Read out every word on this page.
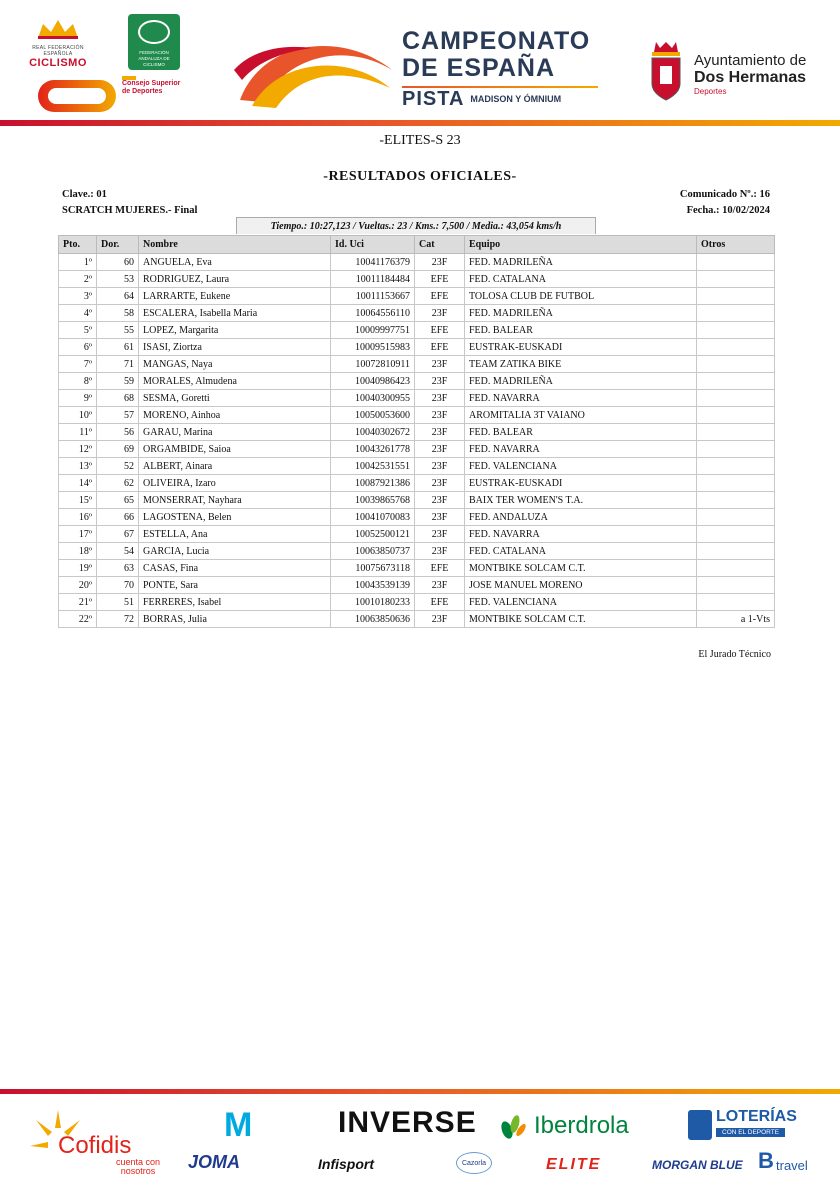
REAL FEDERACIÓN ESPAÑOLA
CICLISMO
FEDERACIÓN ANDALUZA DE CICLISMO
Consejo Superior de Deportes
CAMPEONATO
DE ESPAÑA
PISTA MADISON Y ÓMNIUM
Ayuntamiento de
Dos Hermanas
Deportes
-ELITES-S 23
-RESULTADOS OFICIALES-
Clave.: 01
SCRATCH MUJERES.- Final
Comunicado Nº.: 16
Fecha.: 10/02/2024
Tiempo.: 10:27,123 / Vueltas.: 23 / Kms.: 7,500 / Media.: 43,054 kms/h
Pto.	Dor.	Nombre	Id. Uci	Cat	Equipo	Otros
1º	60	ANGUELA, Eva	10041176379	23F	FED. MADRILEÑA	
2º	53	RODRIGUEZ, Laura	10011184484	EFE	FED. CATALANA	
3º	64	LARRARTE, Eukene	10011153667	EFE	TOLOSA CLUB DE FUTBOL	
4º	58	ESCALERA, Isabella Maria	10064556110	23F	FED. MADRILEÑA	
5º	55	LOPEZ, Margarita	10009997751	EFE	FED. BALEAR	
6º	61	ISASI, Ziortza	10009515983	EFE	EUSTRAK-EUSKADI	
7º	71	MANGAS, Naya	10072810911	23F	TEAM ZATIKA BIKE	
8º	59	MORALES, Almudena	10040986423	23F	FED. MADRILEÑA	
9º	68	SESMA, Goretti	10040300955	23F	FED. NAVARRA	
10º	57	MORENO, Ainhoa	10050053600	23F	AROMITALIA 3T VAIANO	
11º	56	GARAU, Marina	10040302672	23F	FED. BALEAR	
12º	69	ORGAMBIDE, Saioa	10043261778	23F	FED. NAVARRA	
13º	52	ALBERT, Ainara	10042531551	23F	FED. VALENCIANA	
14º	62	OLIVEIRA, Izaro	10087921386	23F	EUSTRAK-EUSKADI	
15º	65	MONSERRAT, Nayhara	10039865768	23F	BAIX TER WOMEN'S T.A.	
16º	66	LAGOSTENA, Belen	10041070083	23F	FED. ANDALUZA	
17º	67	ESTELLA, Ana	10052500121	23F	FED. NAVARRA	
18º	54	GARCIA, Lucia	10063850737	23F	FED. CATALANA	
19º	63	CASAS, Fina	10075673118	EFE	MONTBIKE SOLCAM C.T.	
20º	70	PONTE, Sara	10043539139	23F	JOSE MANUEL MORENO	
21º	51	FERRERES, Isabel	10010180233	EFE	FED. VALENCIANA	
22º	72	BORRAS, Julia	10063850636	23F	MONTBIKE SOLCAM C.T.	a 1-Vts
El Jurado Técnico
Cofidis
cuenta con nosotros
M
JOMA
INVERSE
Infisport
Iberdrola
Cazorla	ELITE
LOTERÍAS
CON EL DEPORTE
MORGAN BLUE B travel
